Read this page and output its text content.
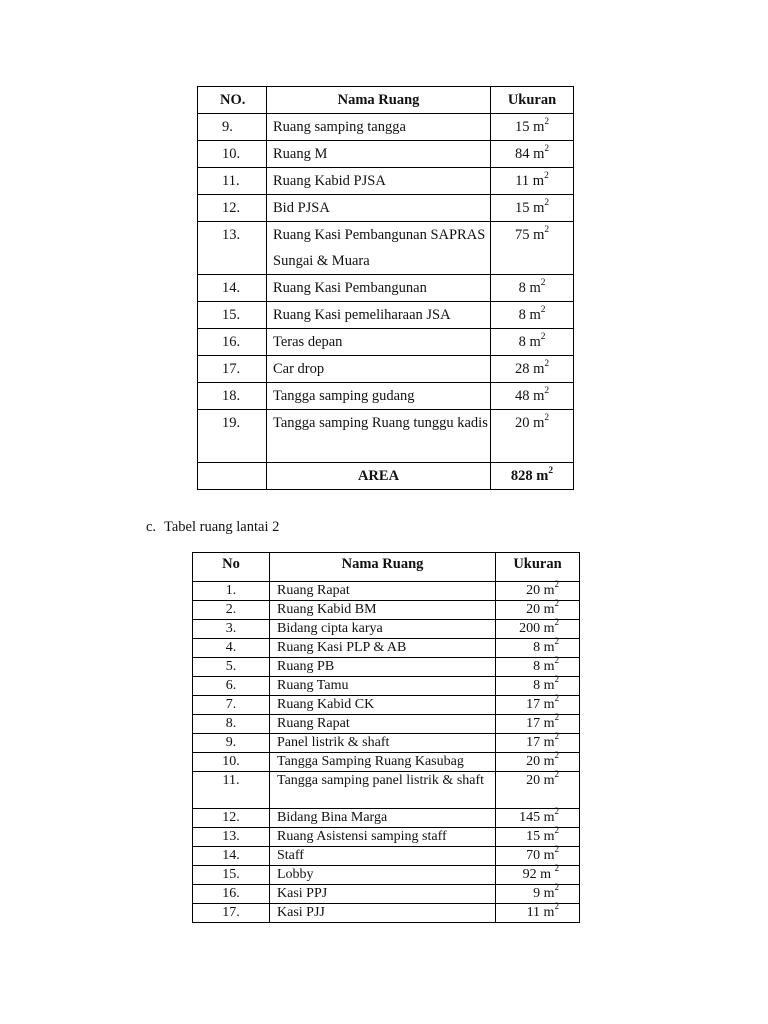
NO.	Nama Ruang	Ukuran
9.	Ruang samping tangga	15 $m^2$
10.	Ruang M	84 $m^2$
11.	Ruang Kabid PJSA	11 $m^2$
12.	Bid PJSA	15 $m^2$
13.	Ruang Kasi Pembangunan SAPRAS Sungai & Muara	75 $m^2$
14.	Ruang Kasi Pembangunan	8 $m^2$
15.	Ruang Kasi pemeliharaan JSA	8 $m^2$
16.	Teras depan	8 $m^2$
17.	Car drop	28 $m^2$
18.	Tangga samping gudang	48 $m^2$
19.	Tangga samping Ruang tunggu kadis	20 $m^2$
	AREA	828 $m^2$
c. Tabel ruang lantai 2
No	Nama Ruang	Ukuran
1.	Ruang Rapat	20 $m^2$
2.	Ruang Kabid BM	20 $m^2$
3.	Bidang cipta karya	200 $m^2$
4.	Ruang Kasi PLP & AB	8 $m^2$
5.	Ruang PB	8 $m^2$
6.	Ruang Tamu	8 $m^2$
7.	Ruang Kabid CK	17 $m^2$
8.	Ruang Rapat	17 $m^2$
9.	Panel listrik & shaft	17 $m^2$
10.	Tangga Samping Ruang Kasubag	20 $m^2$
11.	Tangga samping panel listrik & shaft	20 $m^2$
12.	Bidang Bina Marga	145 $m^2$
13.	Ruang Asistensi samping staff	15 $m^2$
14.	Staff	70 $m^2$
15.	Lobby	92 m $^2$
16.	Kasi PPJ	9 $m^2$
17.	Kasi PJJ	11 $m^2$
